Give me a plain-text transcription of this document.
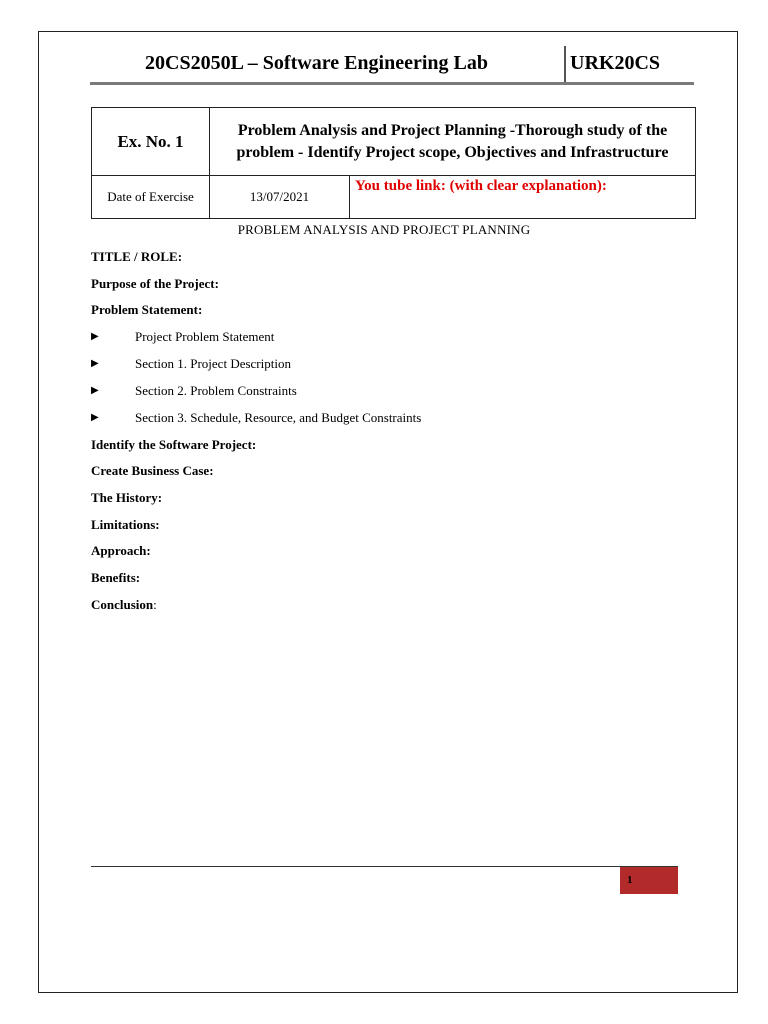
20CS2050L – Software Engineering Lab	URK20CS
Ex. No. 1	Problem Analysis and Project Planning -Thorough study of the problem - Identify Project scope, Objectives and Infrastructure	
Date of Exercise	13/07/2021	You tube link: (with clear explanation):
PROBLEM ANALYSIS AND PROJECT PLANNING
TITLE / ROLE:
Purpose of the Project:
Problem Statement:
▶	Project Problem Statement
▶	Section 1. Project Description
▶	Section 2. Problem Constraints
▶	Section 3. Schedule, Resource, and Budget Constraints
Identify the Software Project:
Create Business Case:
The History:
Limitations:
Approach:
Benefits:
Conclusion:
1
